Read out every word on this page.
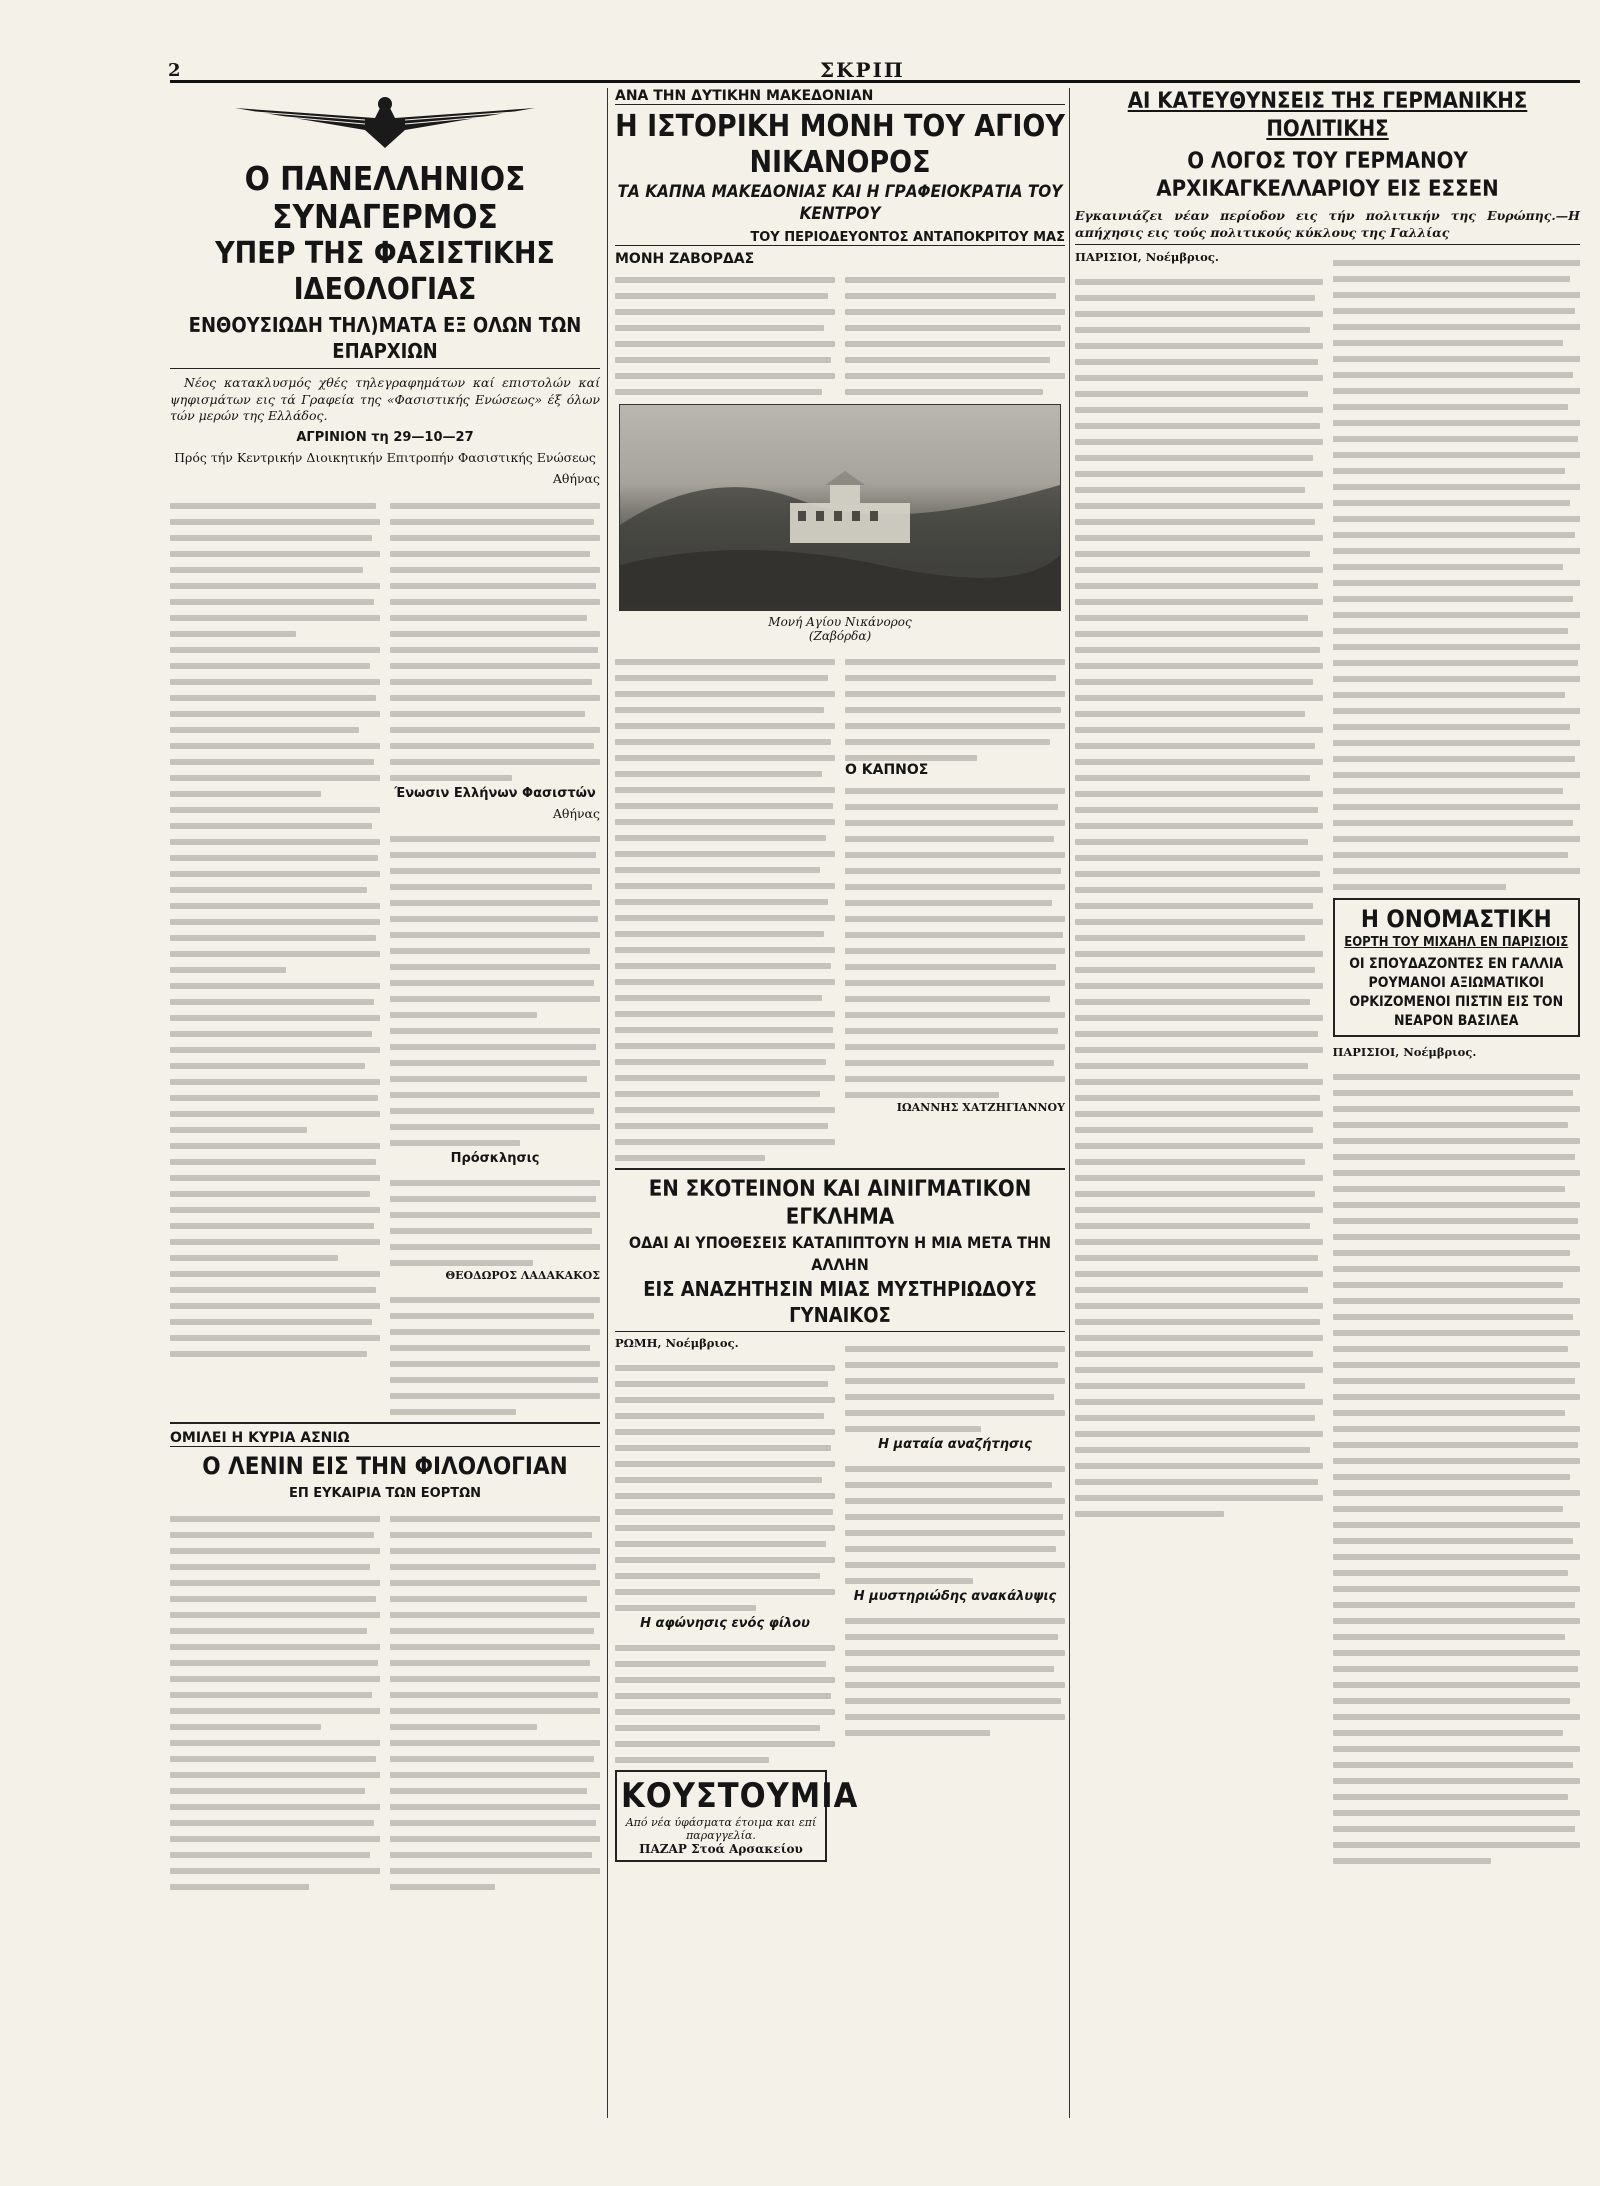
2	ΣΚΡΙΠ
Ο ΠΑΝΕΛΛΗΝΙΟΣ ΣΥΝΑΓΕΡΜΟΣ
ΥΠΕΡ ΤΗΣ ΦΑΣΙΣΤΙΚΗΣ ΙΔΕΟΛΟΓΙΑΣ
ΕΝΘΟΥΣΙΩΔΗ ΤΗΛ)ΜΑΤΑ ΕΞ ΟΛΩΝ ΤΩΝ ΕΠΑΡΧΙΩΝ

Νέος κατακλυσμός χθές τηλεγραφημάτων καί επιστολών καί ψηφισμάτων εις τά Γραφεία της «Φασιστικής Ενώσεως» έξ όλων τών μερών της Ελλάδος.

ΑΓΡΙΝΙΟΝ τη 29—10—27

Πρός τήν Κεντρικήν Διοικητικήν Επιτροπήν Φασιστικής Ενώσεως

Αθήνας

Ένωσιν Ελλήνων Φασιστών

Αθήνας

Πρόσκλησις

ΘΕΟΔΩΡΟΣ ΛΑΔΑΚΑΚΟΣ

ΟΜΙΛΕΙ Η ΚΥΡΙΑ ΑΣΝΙΩ
Ο ΛΕΝΙΝ ΕΙΣ ΤΗΝ ΦΙΛΟΛΟΓΙΑΝ
ΕΠ ΕΥΚΑΙΡΙΑ ΤΩΝ ΕΟΡΤΩΝ
ΑΝΑ ΤΗΝ ΔΥΤΙΚΗΝ ΜΑΚΕΔΟΝΙΑΝ
Η ΙΣΤΟΡΙΚΗ ΜΟΝΗ ΤΟΥ ΑΓΙΟΥ ΝΙΚΑΝΟΡΟΣ
ΤΑ ΚΑΠΝΑ ΜΑΚΕΔΟΝΙΑΣ ΚΑΙ Η ΓΡΑΦΕΙΟΚΡΑΤΙΑ ΤΟΥ ΚΕΝΤΡΟΥ
ΤΟΥ ΠΕΡΙΟΔΕΥΟΝΤΟΣ ΑΝΤΑΠΟΚΡΙΤΟΥ ΜΑΣ
ΜΟΝΗ ΖΑΒΟΡΔΑΣ
Μονή Αγίου Νικάνορος
(Ζαβόρδα)
Ο ΚΑΠΝΟΣ

ΙΩΑΝΝΗΣ ΧΑΤΖΗΓΙΑΝΝΟΥ

ΕΝ ΣΚΟΤΕΙΝΟΝ ΚΑΙ ΑΙΝΙΓΜΑΤΙΚΟΝ ΕΓΚΛΗΜΑ
ΟΔΑΙ ΑΙ ΥΠΟΘΕΣΕΙΣ ΚΑΤΑΠΙΠΤΟΥΝ Η ΜΙΑ ΜΕΤΑ ΤΗΝ ΑΛΛΗΝ
ΕΙΣ ΑΝΑΖΗΤΗΣΙΝ ΜΙΑΣ ΜΥΣΤΗΡΙΩΔΟΥΣ ΓΥΝΑΙΚΟΣ

ΡΩΜΗ, Νοέμβριος.

Η αφώνησις ενός φίλου

Η ματαία αναζήτησις

Η μυστηριώδης ανακάλυψις

ΚΟΥΣΤΟΥΜΙΑ
Από νέα ύφάσματα έτοιμα και επί παραγγελία.
ΠΑΖΑΡ Στοά Αρσακείου
ΑΙ ΚΑΤΕΥΘΥΝΣΕΙΣ ΤΗΣ ΓΕΡΜΑΝΙΚΗΣ ΠΟΛΙΤΙΚΗΣ
Ο ΛΟΓΟΣ ΤΟΥ ΓΕΡΜΑΝΟΥ ΑΡΧΙΚΑΓΚΕΛΛΑΡΙΟΥ ΕΙΣ ΕΣΣΕΝ

Εγκαινιάζει νέαν περίοδον εις τήν πολιτικήν της Ευρώπης.—Η απήχησις εις τούς πολιτικούς κύκλους της Γαλλίας

ΠΑΡΙΣΙΟΙ, Νοέμβριος.

Η ΟΝΟΜΑΣΤΙΚΗ
ΕΟΡΤΗ ΤΟΥ ΜΙΧΑΗΛ ΕΝ ΠΑΡΙΣΙΟΙΣ
ΟΙ ΣΠΟΥΔΑΖΟΝΤΕΣ ΕΝ ΓΑΛΛΙΑ ΡΟΥΜΑΝΟΙ ΑΞΙΩΜΑΤΙΚΟΙ ΟΡΚΙΖΟΜΕΝΟΙ ΠΙΣΤΙΝ ΕΙΣ ΤΟΝ ΝΕΑΡΟΝ ΒΑΣΙΛΕΑ

ΠΑΡΙΣΙΟΙ, Νοέμβριος.
